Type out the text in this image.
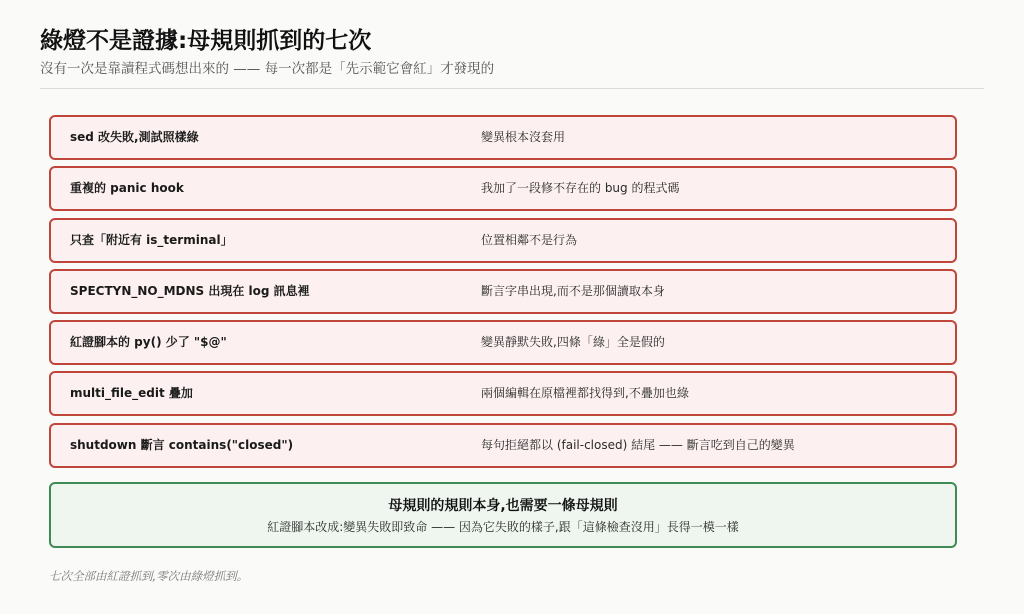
綠燈不是證據:母規則抓到的七次
沒有一次是靠讀程式碼想出來的 —— 每一次都是「先示範它會紅」才發現的
sed 改失敗,測試照樣綠	變異根本沒套用
重複的 panic hook	我加了一段修不存在的 bug 的程式碼
只查「附近有 is_terminal」	位置相鄰不是行為
SPECTYN_NO_MDNS 出現在 log 訊息裡	斷言字串出現,而不是那個讀取本身
紅證腳本的 py() 少了 "$@"	變異靜默失敗,四條「綠」全是假的
multi_file_edit 疊加	兩個編輯在原檔裡都找得到,不疊加也綠
shutdown 斷言 contains("closed")	每句拒絕都以 (fail-closed) 結尾 —— 斷言吃到自己的變異
母規則的規則本身,也需要一條母規則
紅證腳本改成:變異失敗即致命 —— 因為它失敗的樣子,跟「這條檢查沒用」長得一模一樣
七次全部由紅證抓到,零次由綠燈抓到。
